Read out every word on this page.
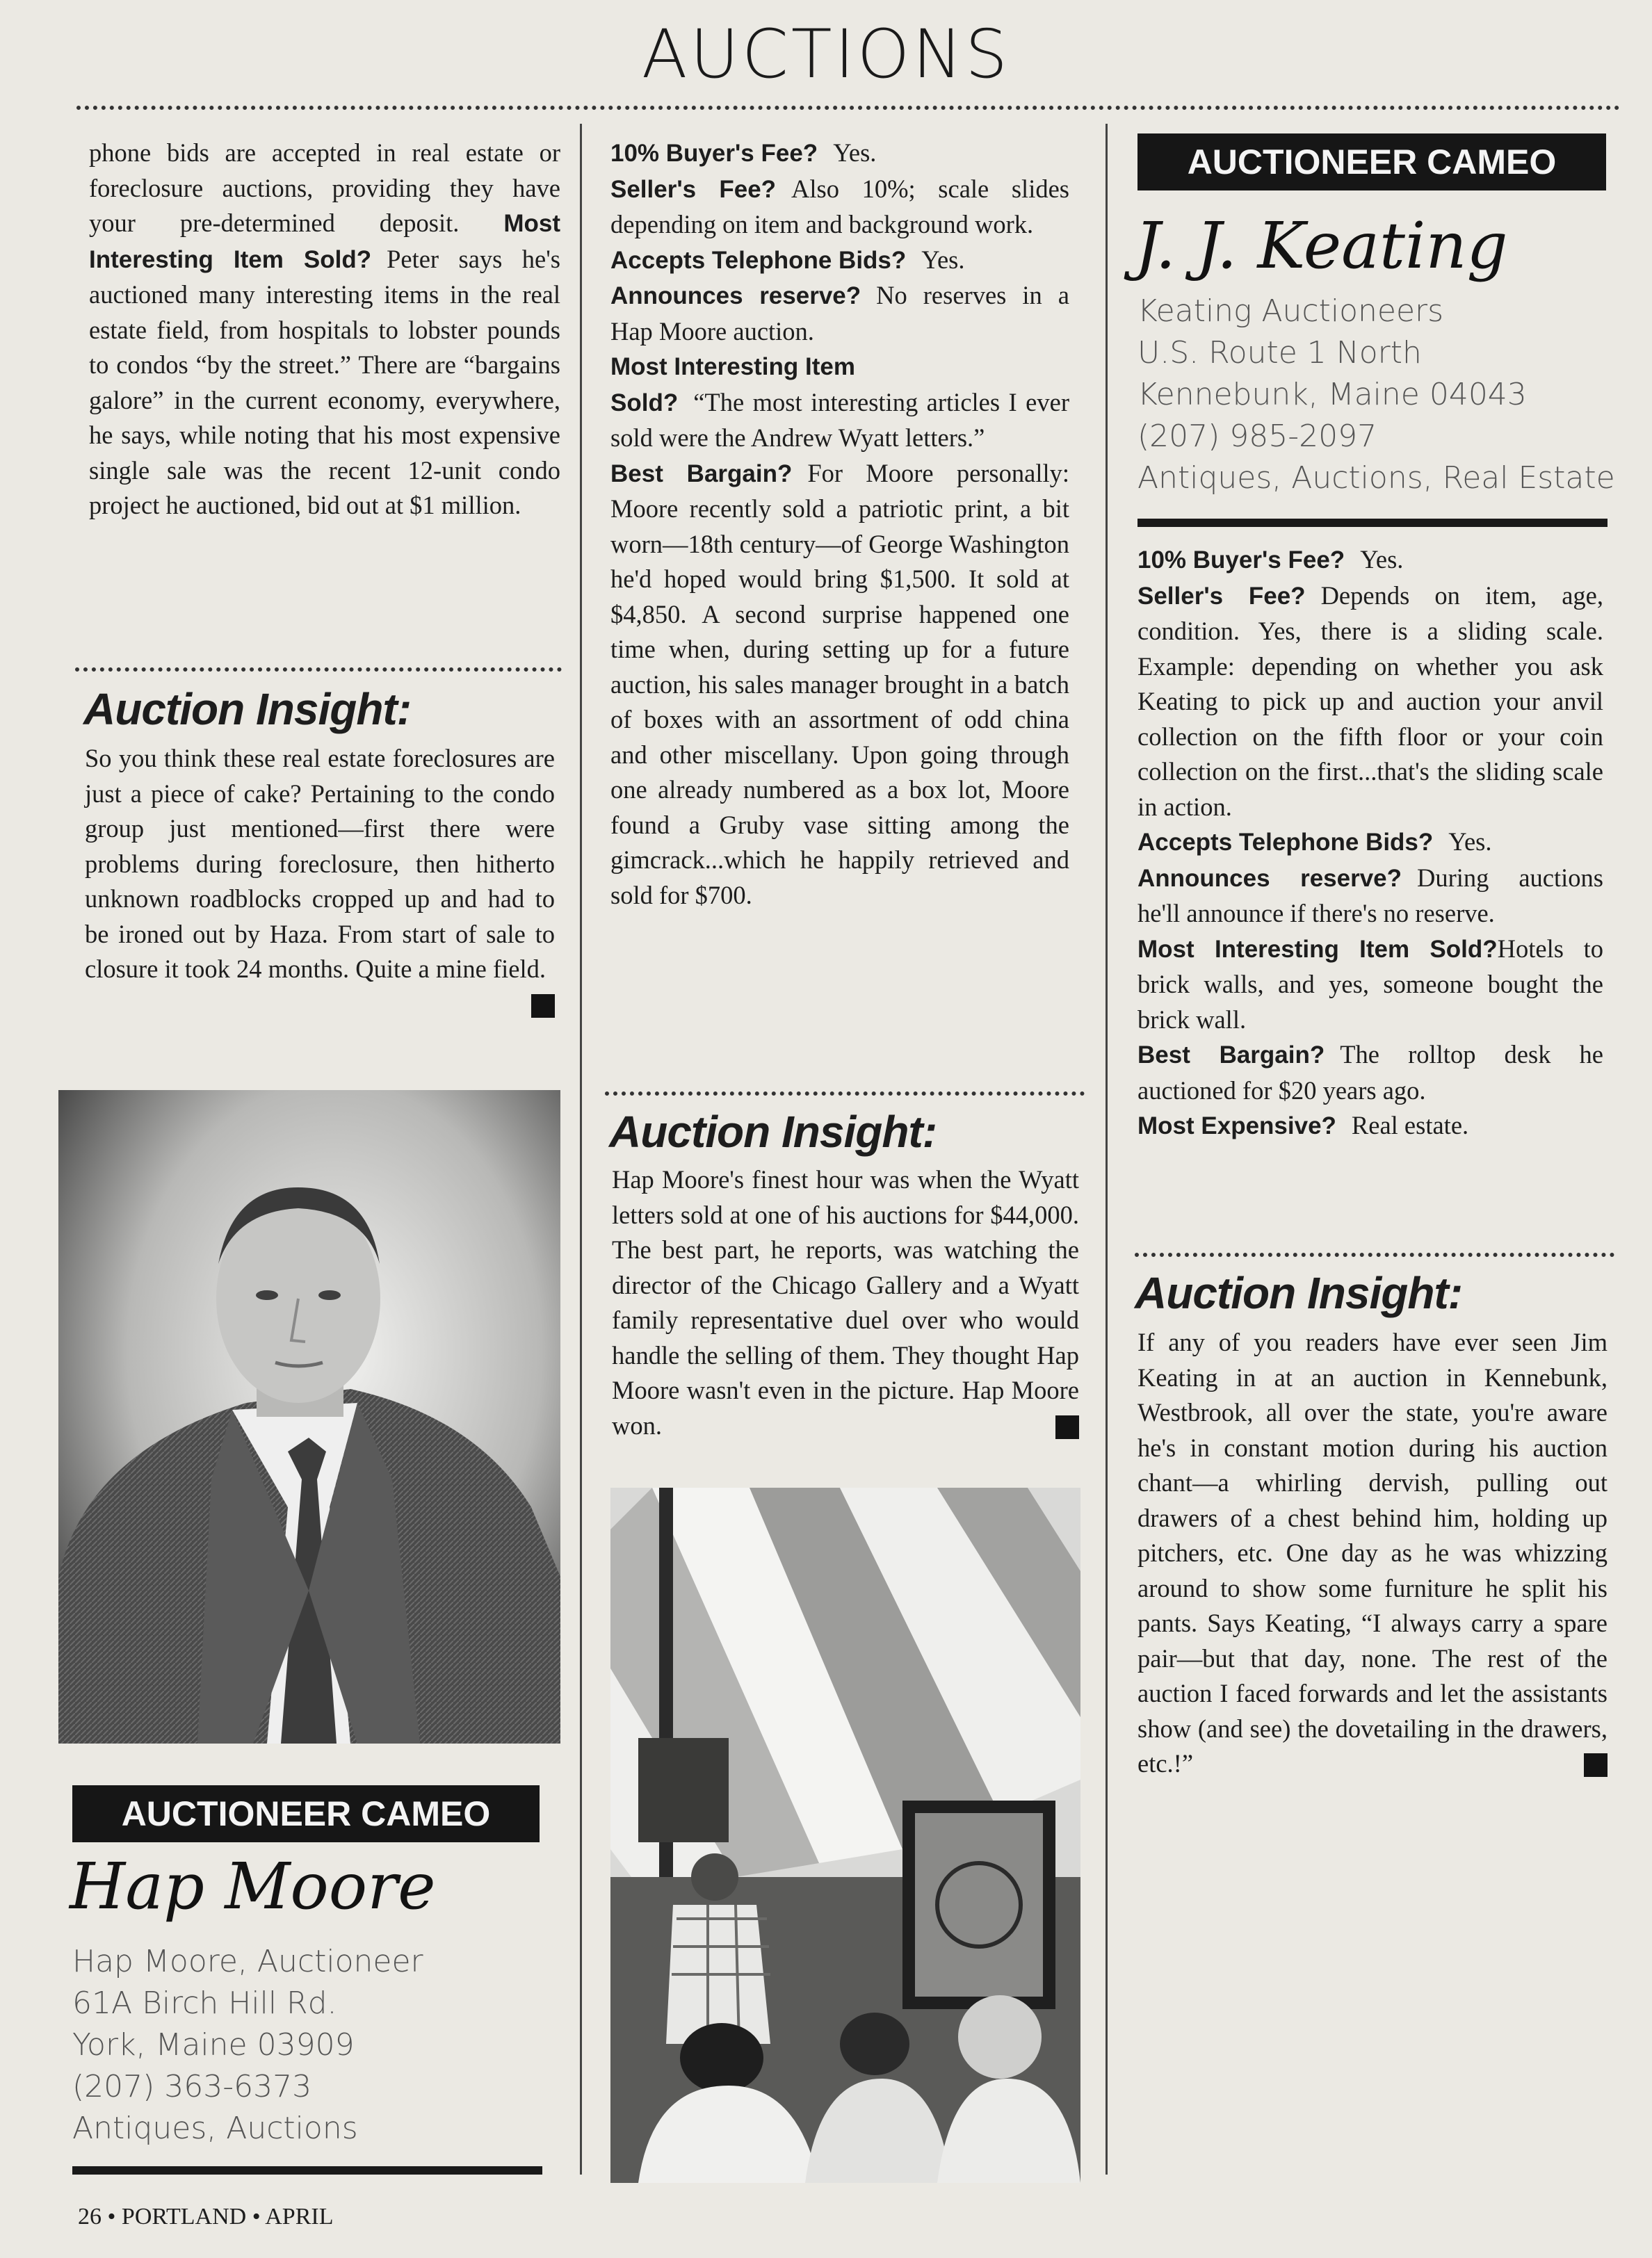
AUCTIONS

phone bids are accepted in real estate or foreclosure auctions, providing they have your pre-determined deposit. Most Interesting Item Sold? Peter says he's auctioned many interesting items in the real estate field, from hospitals to lobster pounds to condos “by the street.” There are “bargains galore” in the current economy, everywhere, he says, while noting that his most expensive single sale was the recent 12-unit condo project he auctioned, bid out at $1 million.

Auction Insight:

So you think these real estate foreclosures are just a piece of cake? Pertaining to the condo group just mentioned—first there were problems during foreclosure, then hitherto unknown roadblocks cropped up and had to be ironed out by Haza. From start of sale to closure it took 24 months. Quite a mine field.

AUCTIONEER CAMEO
Hap Moore
Hap Moore, Auctioneer
61A Birch Hill Rd.
York, Maine 03909
(207) 363-6373
Antiques, Auctions

10% Buyer's Fee? Yes.

Seller's Fee? Also 10%; scale slides depending on item and background work.

Accepts Telephone Bids? Yes.

Announces reserve? No reserves in a Hap Moore auction.

Most Interesting Item

Sold? “The most interesting articles I ever sold were the Andrew Wyatt letters.”

Best Bargain? For Moore personally: Moore recently sold a patriotic print, a bit worn—18th century—of George Washington he'd hoped would bring $1,500. It sold at $4,850. A second surprise happened one time when, during setting up for a future auction, his sales manager brought in a batch of boxes with an assortment of odd china and other miscellany. Upon going through one already numbered as a box lot, Moore found a Gruby vase sitting among the gimcrack...which he happily retrieved and sold for $700.

Auction Insight:

Hap Moore's finest hour was when the Wyatt letters sold at one of his auctions for $44,000. The best part, he reports, was watching the director of the Chicago Gallery and a Wyatt family representative duel over who would handle the selling of them. They thought Hap Moore wasn't even in the picture. Hap Moore won.

AUCTIONEER CAMEO
J. J. Keating
Keating Auctioneers
U.S. Route 1 North
Kennebunk, Maine 04043
(207) 985-2097
Antiques, Auctions, Real Estate

10% Buyer's Fee? Yes.

Seller's Fee? Depends on item, age, condition. Yes, there is a sliding scale. Example: depending on whether you ask Keating to pick up and auction your anvil collection on the fifth floor or your coin collection on the first...that's the sliding scale in action.

Accepts Telephone Bids? Yes.

Announces reserve? During auctions he'll announce if there's no reserve.

Most Interesting Item Sold?Hotels to brick walls, and yes, someone bought the brick wall.

Best Bargain? The rolltop desk he auctioned for $20 years ago.

Most Expensive? Real estate.

Auction Insight:

If any of you readers have ever seen Jim Keating in at an auction in Kennebunk, Westbrook, all over the state, you're aware he's in constant motion during his auction chant—a whirling dervish, pulling out drawers of a chest behind him, holding up pitchers, etc. One day as he was whizzing around to show some furniture he split his pants. Says Keating, “I always carry a spare pair—but that day, none. The rest of the auction I faced forwards and let the assistants show (and see) the dovetailing in the drawers, etc.!”

26 • PORTLAND • APRIL
